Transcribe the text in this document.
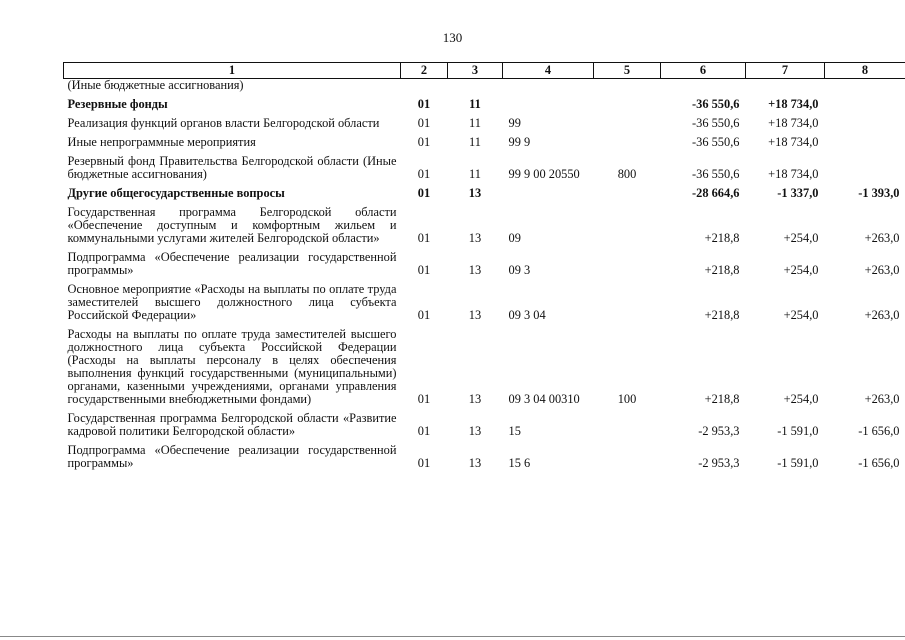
130
1	2	3	4	5	6	7	8
(Иные бюджетные ассигнования)							
Резервные фонды	01	11			-36 550,6	+18 734,0	
Реализация функций органов власти Белгородской области	01	11	99		-36 550,6	+18 734,0	
Иные непрограммные мероприятия	01	11	99 9		-36 550,6	+18 734,0	
Резервный фонд Правительства Белгородской области (Иные бюджетные ассигнования)	01	11	99 9 00 20550	800	-36 550,6	+18 734,0	
Другие общегосударственные вопросы	01	13			-28 664,6	-1 337,0	-1 393,0
Государственная программа Белгородской области «Обеспечение доступным и комфортным жильем и коммунальными услугами жителей Белгородской области»	01	13	09		+218,8	+254,0	+263,0
Подпрограмма «Обеспечение реализации государственной программы»	01	13	09 3		+218,8	+254,0	+263,0
Основное мероприятие «Расходы на выплаты по оплате труда заместителей высшего должностного лица субъекта Российской Федерации»	01	13	09 3 04		+218,8	+254,0	+263,0
Расходы на выплаты по оплате труда заместителей высшего должностного лица субъекта Российской Федерации (Расходы на выплаты персоналу в целях обеспечения выполнения функций государственными (муниципальными) органами, казенными учреждениями, органами управления государственными внебюджетными фондами)	01	13	09 3 04 00310	100	+218,8	+254,0	+263,0
Государственная программа Белгородской области «Развитие кадровой политики Белгородской области»	01	13	15		-2 953,3	-1 591,0	-1 656,0
Подпрограмма «Обеспечение реализации государственной программы»	01	13	15 6		-2 953,3	-1 591,0	-1 656,0
